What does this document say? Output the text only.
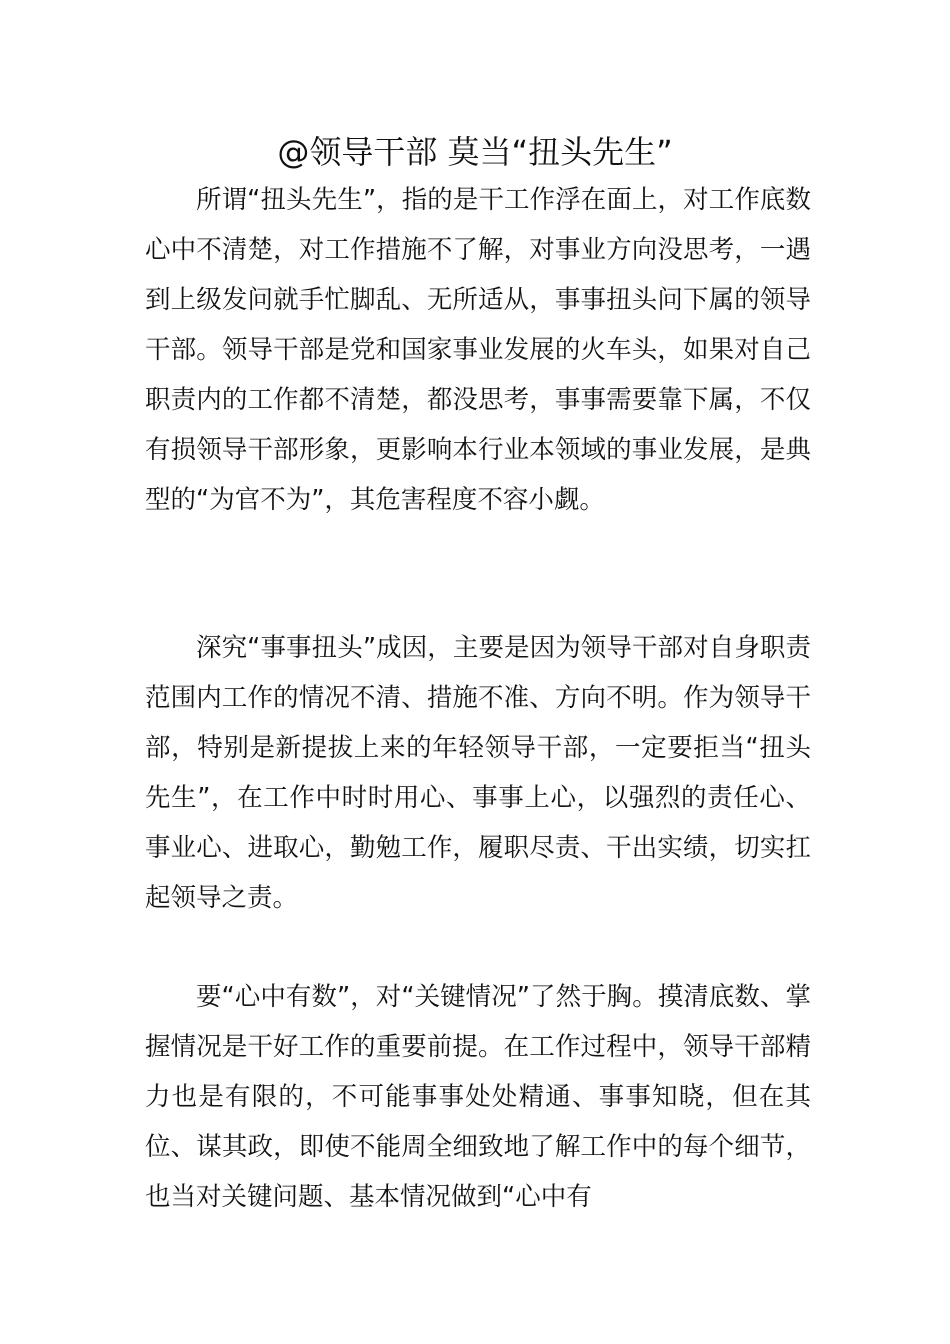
@领导干部 莫当“扭头先生”

所谓“扭头先生”，指的是干工作浮在面上，对工作底数心中不清楚，对工作措施不了解，对事业方向没思考，一遇到上级发问就手忙脚乱、无所适从，事事扭头问下属的领导干部。领导干部是党和国家事业发展的火车头，如果对自己职责内的工作都不清楚，都没思考，事事需要靠下属，不仅有损领导干部形象，更影响本行业本领域的事业发展，是典型的“为官不为”，其危害程度不容小觑。

深究“事事扭头”成因，主要是因为领导干部对自身职责范围内工作的情况不清、措施不准、方向不明。作为领导干部，特别是新提拔上来的年轻领导干部，一定要拒当“扭头先生”，在工作中时时用心、事事上心，以强烈的责任心、事业心、进取心，勤勉工作，履职尽责、干出实绩，切实扛起领导之责。

要“心中有数”，对“关键情况”了然于胸。摸清底数、掌握情况是干好工作的重要前提。在工作过程中，领导干部精力也是有限的，不可能事事处处精通、事事知晓，但在其位、谋其政，即使不能周全细致地了解工作中的每个细节，也当对关键问题、基本情况做到“心中有
